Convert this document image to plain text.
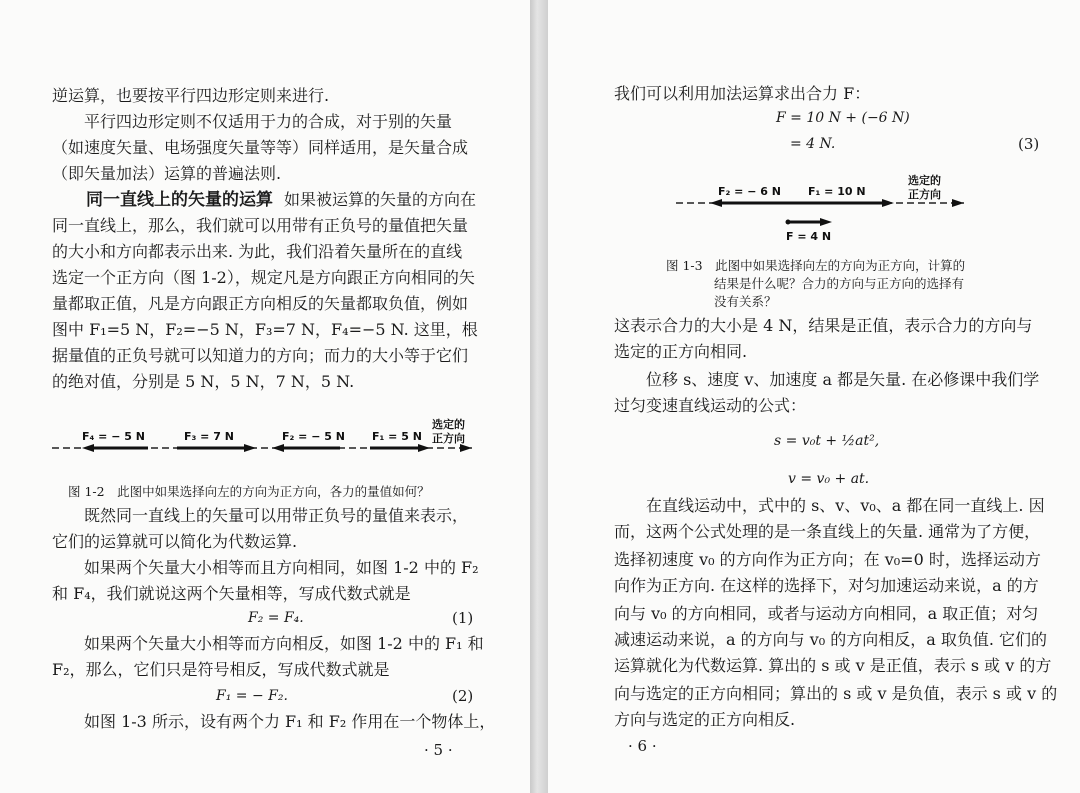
逆运算，也要按平行四边形定则来进行.
　　平行四边形定则不仅适用于力的合成，对于别的矢量
（如速度矢量、电场强度矢量等等）同样适用，是矢量合成
（即矢量加法）运算的普遍法则.
同一直线上的矢量的运算 如果被运算的矢量的方向在
同一直线上，那么，我们就可以用带有正负号的量值把矢量
的大小和方向都表示出来. 为此，我们沿着矢量所在的直线
选定一个正方向（图 1-2），规定凡是方向跟正方向相同的矢
量都取正值，凡是方向跟正方向相反的矢量都取负值，例如
图中 F₁=5 N，F₂=−5 N，F₃=7 N，F₄=−5 N. 这里，根
据量值的正负号就可以知道力的方向；而力的大小等于它们
的绝对值，分别是 5 N，5 N，7 N，5 N.
F₄ = − 5 N	F₃ = 7 N	F₂ = − 5 N F₁ = 5 N
选定的
正方向
图 1-2　此图中如果选择向左的方向为正方向，各力的量值如何？
　　既然同一直线上的矢量可以用带正负号的量值来表示，
它们的运算就可以简化为代数运算.
　　如果两个矢量大小相等而且方向相同，如图 1-2 中的 F₂
和 F₄，我们就说这两个矢量相等，写成代数式就是
F₂ = F₄.	(1)
　　如果两个矢量大小相等而方向相反，如图 1-2 中的 F₁ 和
F₂，那么，它们只是符号相反，写成代数式就是
F₁ = − F₂.	(2)
　　如图 1-3 所示，设有两个力 F₁ 和 F₂ 作用在一个物体上，
· 5 ·
我们可以利用加法运算求出合力 F：
F = 10 N + (−6 N)
= 4 N.	(3)
F₂ = − 6 N F₁ = 10 N
F = 4 N
选定的
正方向
图 1-3　此图中如果选择向左的方向为正方向，计算的
结果是什么呢？合力的方向与正方向的选择有
没有关系？
这表示合力的大小是 4 N，结果是正值，表示合力的方向与
选定的正方向相同.
　　位移 s、速度 v、加速度 a 都是矢量. 在必修课中我们学
过匀变速直线运动的公式：
s = v₀t + ½at²,
v = v₀ + at.
　　在直线运动中，式中的 s、v、v₀、a 都在同一直线上. 因
而，这两个公式处理的是一条直线上的矢量. 通常为了方便，
选择初速度 v₀ 的方向作为正方向；在 v₀=0 时，选择运动方
向作为正方向. 在这样的选择下，对匀加速运动来说，a 的方
向与 v₀ 的方向相同，或者与运动方向相同，a 取正值；对匀
减速运动来说，a 的方向与 v₀ 的方向相反，a 取负值. 它们的
运算就化为代数运算. 算出的 s 或 v 是正值，表示 s 或 v 的方
向与选定的正方向相同；算出的 s 或 v 是负值，表示 s 或 v 的
方向与选定的正方向相反.
· 6 ·
